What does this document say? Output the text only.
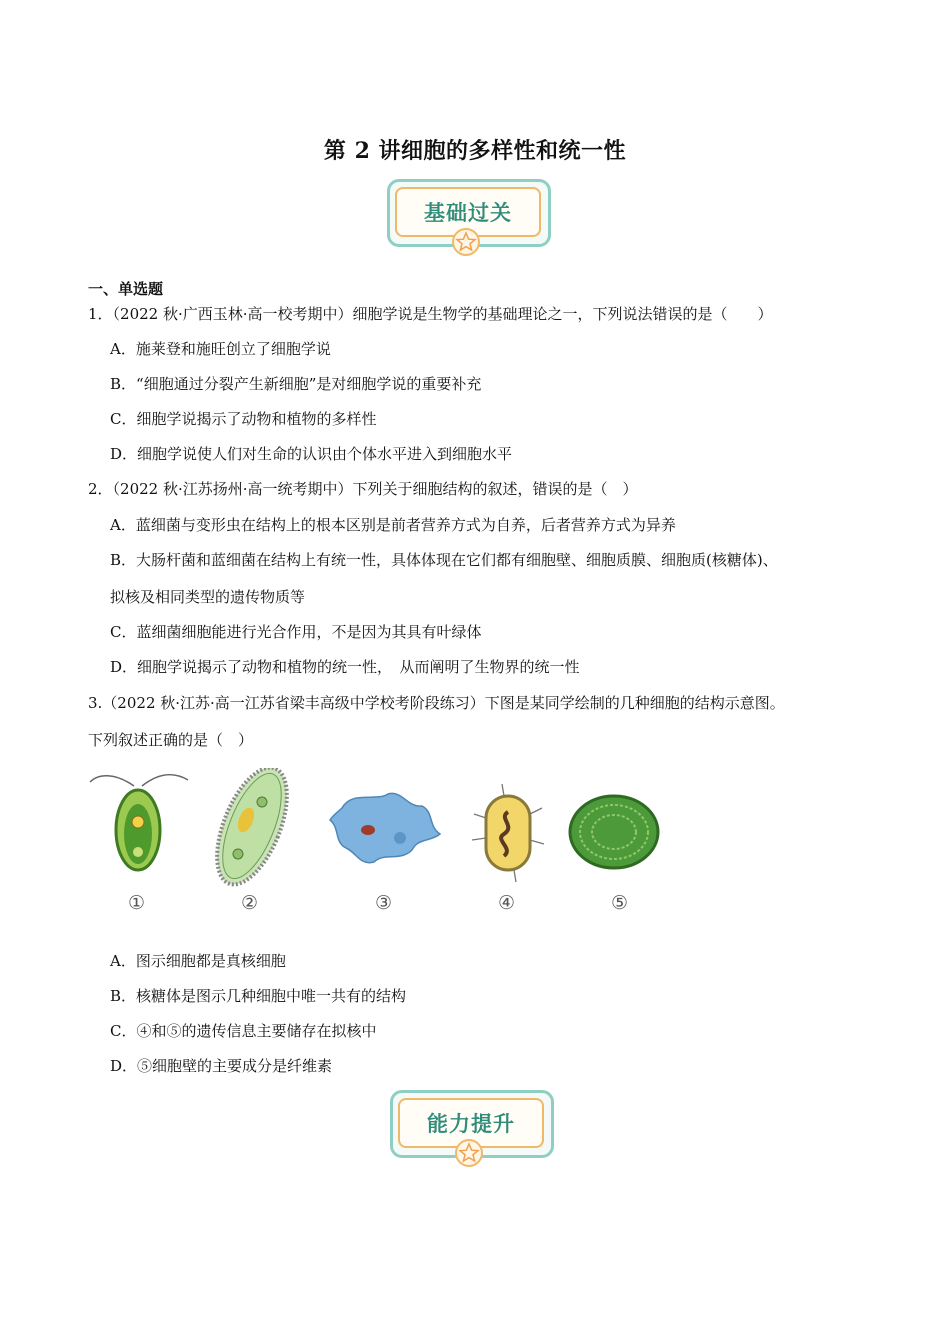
第 2 讲细胞的多样性和统一性
基础过关
一、单选题
1．（2022 秋·广西玉林·高一校考期中）细胞学说是生物学的基础理论之一，下列说法错误的是（　　）
A．施莱登和施旺创立了细胞学说
B．“细胞通过分裂产生新细胞”是对细胞学说的重要补充
C．细胞学说揭示了动物和植物的多样性
D．细胞学说使人们对生命的认识由个体水平进入到细胞水平
2．（2022 秋·江苏扬州·高一统考期中）下列关于细胞结构的叙述，错误的是（　）
A．蓝细菌与变形虫在结构上的根本区别是前者营养方式为自养，后者营养方式为异养
B．大肠杆菌和蓝细菌在结构上有统一性，具体体现在它们都有细胞壁、细胞质膜、细胞质(核糖体)、
拟核及相同类型的遗传物质等
C．蓝细菌细胞能进行光合作用，不是因为其具有叶绿体
D．细胞学说揭示了动物和植物的统一性，　从而阐明了生物界的统一性
3.（2022 秋·江苏·高一江苏省梁丰高级中学校考阶段练习）下图是某同学绘制的几种细胞的结构示意图。
下列叙述正确的是（　）
①	②	③	④	⑤
A．图示细胞都是真核细胞
B．核糖体是图示几种细胞中唯一共有的结构
C．④和⑤的遗传信息主要储存在拟核中
D．⑤细胞壁的主要成分是纤维素
能力提升
